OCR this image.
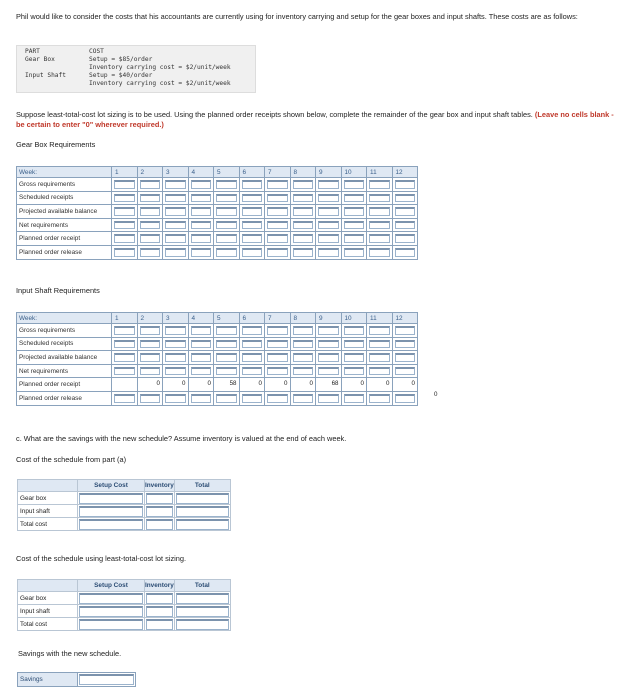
Phil would like to consider the costs that his accountants are currently using for inventory carrying and setup for the gear boxes and input shafts. These costs are as follows:
PART	COST
Gear Box	Setup = $85/order
Inventory carrying cost = $2/unit/week
Input Shaft	Setup = $40/order
Inventory carrying cost = $2/unit/week
Suppose least-total-cost lot sizing is to be used. Using the planned order receipts shown below, complete the remainder of the gear box and input shaft tables. (Leave no cells blank - be certain to enter "0" wherever required.)
Gear Box Requirements
Week:	1	2	3	4	5	6	7	8	9	10	11	12
Gross requirements	

Scheduled receipts	

Projected available balance	

Net requirements	

Planned order receipt	

Planned order release	

Input Shaft Requirements
Week:	1	2	3	4	5	6	7	8	9	10	11	12
Gross requirements	

Scheduled receipts	

Projected available balance	

Net requirements	

Planned order receipt		0	0	0	58	0	0	0	68	0	0	0

Planned order release	

0
c. What are the savings with the new schedule? Assume inventory is valued at the end of each week.
Cost of the schedule from part (a)
	Setup Cost	Inventory	Total
Gear box	

Input shaft	

Total cost	

Cost of the schedule using least-total-cost lot sizing.
	Setup Cost	Inventory	Total
Gear box	

Input shaft	

Total cost	

Savings with the new schedule.
Savings	
